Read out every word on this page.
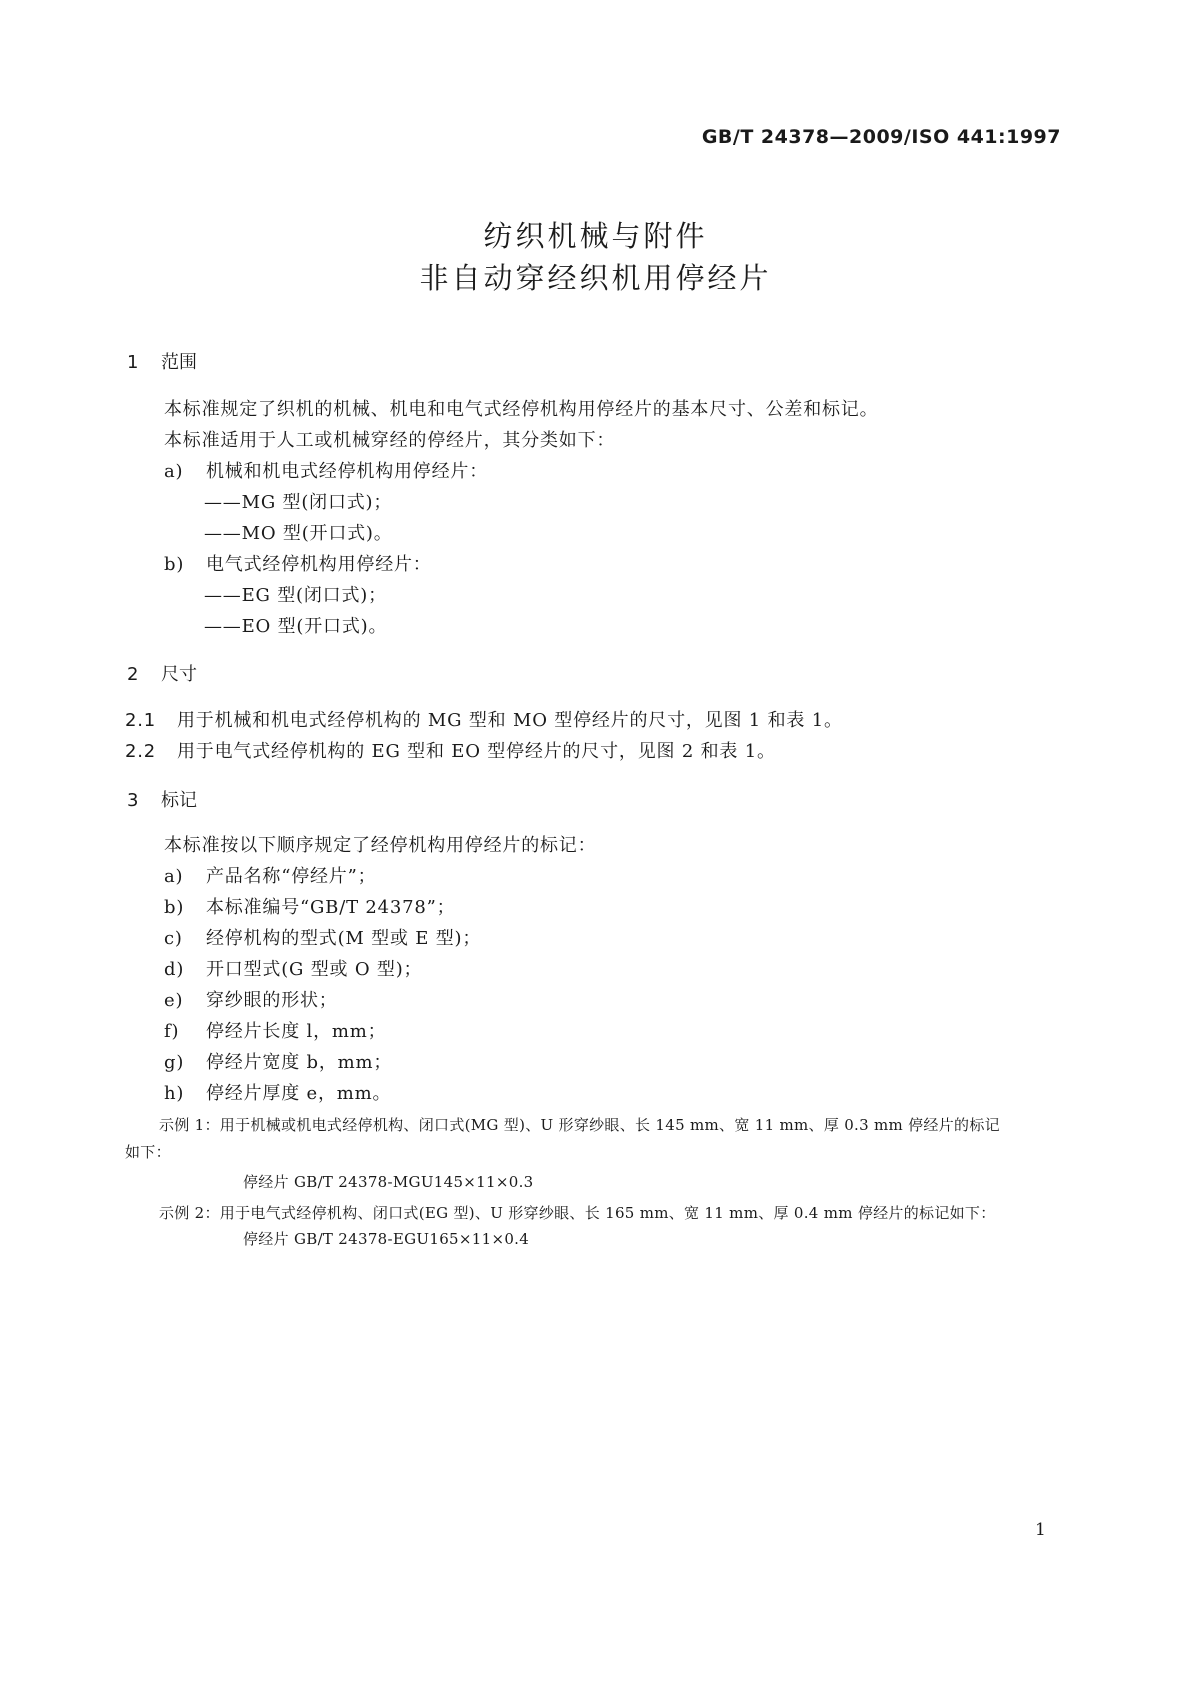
GB/T 24378—2009/ISO 441:1997
纺织机械与附件
非自动穿经织机用停经片
1 范围
本标准规定了织机的机械、机电和电气式经停机构用停经片的基本尺寸、公差和标记。
本标准适用于人工或机械穿经的停经片，其分类如下：
a) 机械和机电式经停机构用停经片：
——MG 型(闭口式)；
——MO 型(开口式)。
b) 电气式经停机构用停经片：
——EG 型(闭口式)；
——EO 型(开口式)。
2 尺寸
2.1 用于机械和机电式经停机构的 MG 型和 MO 型停经片的尺寸，见图 1 和表 1。
2.2 用于电气式经停机构的 EG 型和 EO 型停经片的尺寸，见图 2 和表 1。
3 标记
本标准按以下顺序规定了经停机构用停经片的标记：
a) 产品名称“停经片”；
b) 本标准编号“GB/T 24378”；
c) 经停机构的型式(M 型或 E 型)；
d) 开口型式(G 型或 O 型)；
e) 穿纱眼的形状；
f) 停经片长度 l，mm；
g) 停经片宽度 b，mm；
h) 停经片厚度 e，mm。
示例 1：用于机械或机电式经停机构、闭口式(MG 型)、U 形穿纱眼、长 145 mm、宽 11 mm、厚 0.3 mm 停经片的标记
如下：
停经片 GB/T 24378-MGU145×11×0.3
示例 2：用于电气式经停机构、闭口式(EG 型)、U 形穿纱眼、长 165 mm、宽 11 mm、厚 0.4 mm 停经片的标记如下：
停经片 GB/T 24378-EGU165×11×0.4
1
